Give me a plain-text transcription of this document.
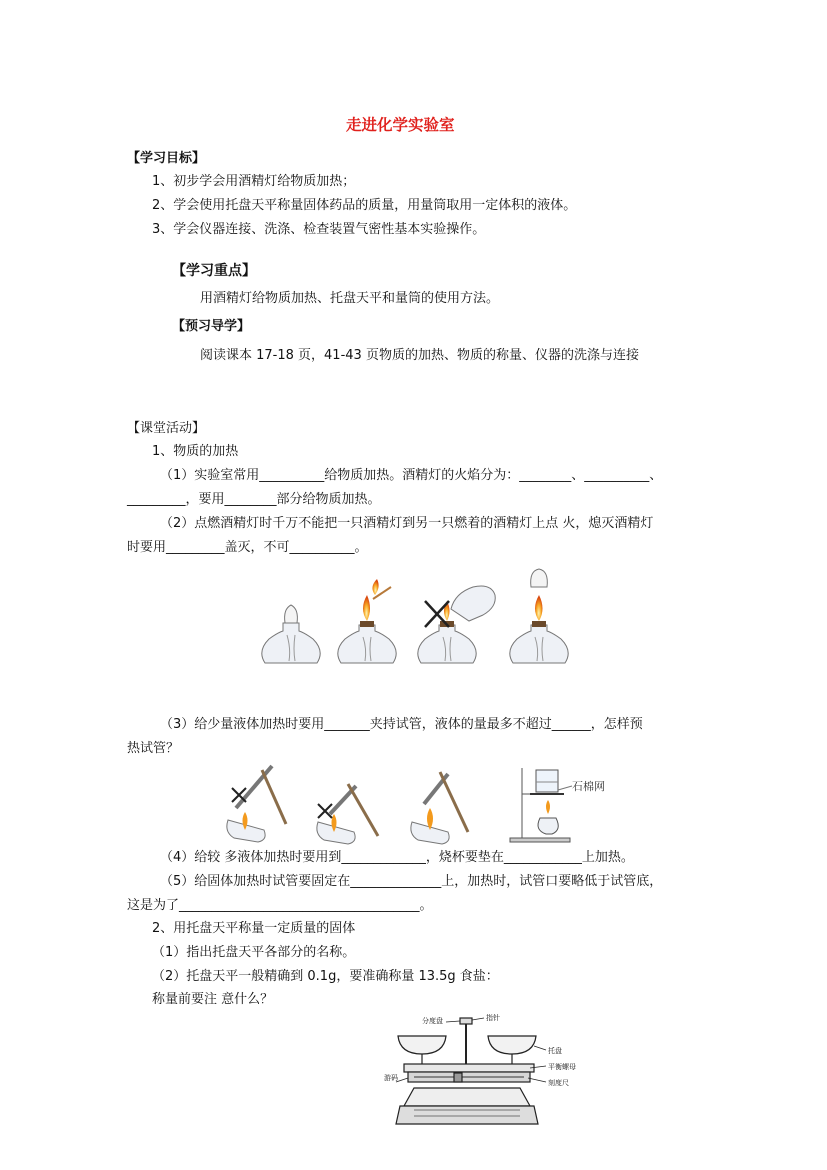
走进化学实验室
【学习目标】
1、初步学会用酒精灯给物质加热；
2、学会使用托盘天平称量固体药品的质量，用量筒取用一定体积的液体。
3、学会仪器连接、洗涤、检查装置气密性基本实验操作。
【学习重点】
用酒精灯给物质加热、托盘天平和量筒的使用方法。
【预习导学】
阅读课本 17-18 页，41-43 页物质的加热、物质的称量、仪器的洗涤与连接
【课堂活动】
1、物质的加热
（1）实验室常用__________给物质加热。酒精灯的火焰分为：________、__________、
_________，要用________部分给物质加热。
（2）点燃酒精灯时千万不能把一只酒精灯到另一只燃着的酒精灯上点 火，熄灭酒精灯
时要用_________盖灭，不可__________。
（3）给少量液体加热时要用_______夹持试管，液体的量最多不超过______，怎样预
热试管？
石棉网
（4）给较 多液体加热时要用到_____________，烧杯要垫在____________上加热。
（5）给固体加热时试管要固定在______________上，加热时，试管口要略低于试管底，
这是为了_____________________________________。
2、用托盘天平称量一定质量的固体
（1）指出托盘天平各部分的名称。
（2）托盘天平一般精确到 0.1g，要准确称量 13.5g 食盐：
称量前要注 意什么？
分度盘	指针
托盘
平衡螺母
游码
刻度尺
